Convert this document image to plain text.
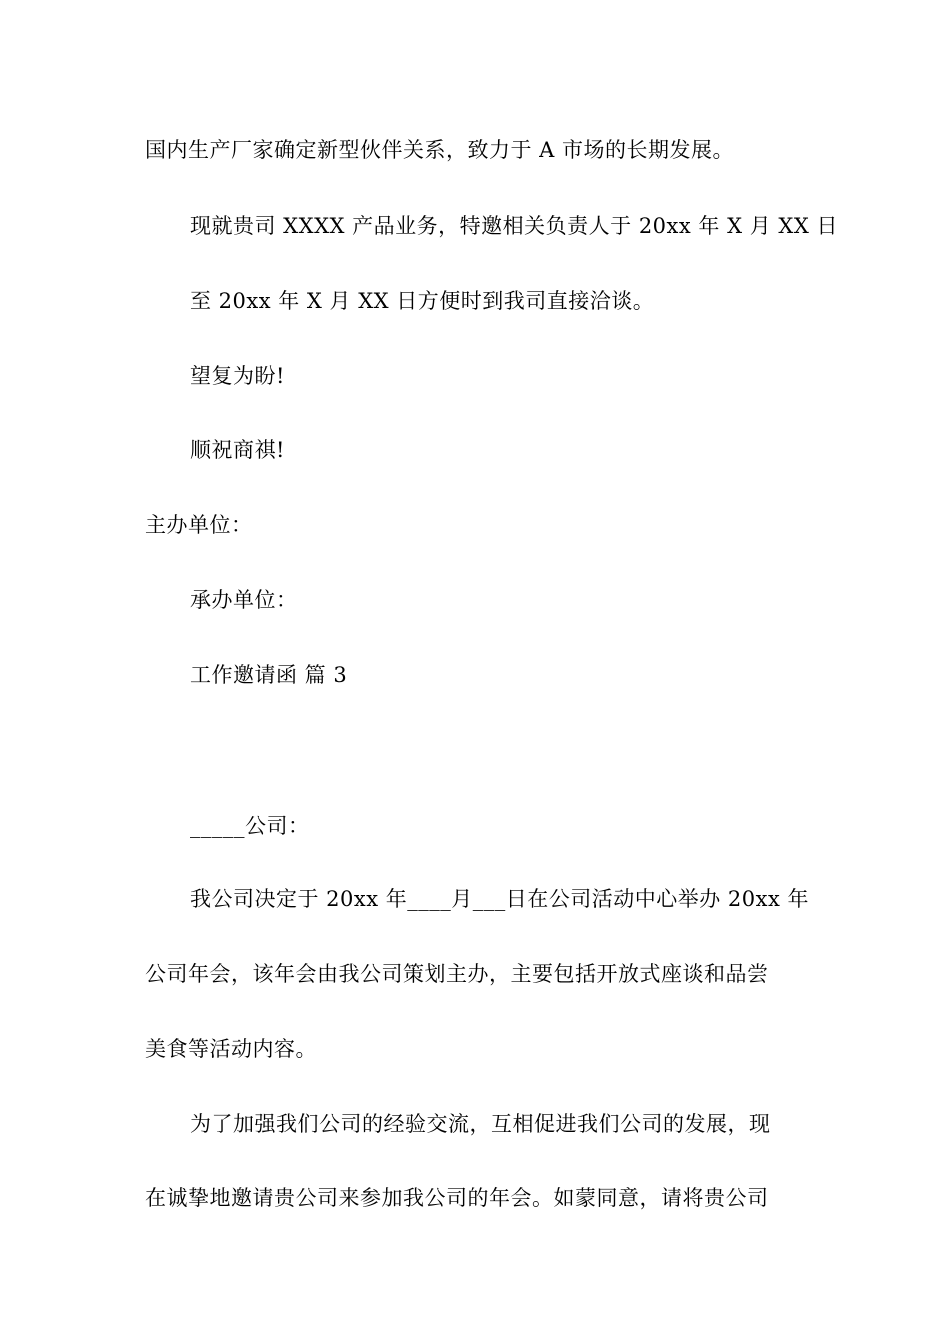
国内生产厂家确定新型伙伴关系，致力于 A 市场的长期发展。
现就贵司 XXXX 产品业务，特邀相关负责人于 20xx 年 X 月 XX 日
至 20xx 年 X 月 XX 日方便时到我司直接洽谈。
望复为盼!
顺祝商祺!
主办单位：
承办单位：
工作邀请函 篇 3
_____公司：
我公司决定于 20xx 年____月___日在公司活动中心举办 20xx 年
公司年会，该年会由我公司策划主办，主要包括开放式座谈和品尝
美食等活动内容。
为了加强我们公司的经验交流，互相促进我们公司的发展，现
在诚挚地邀请贵公司来参加我公司的年会。如蒙同意，请将贵公司
